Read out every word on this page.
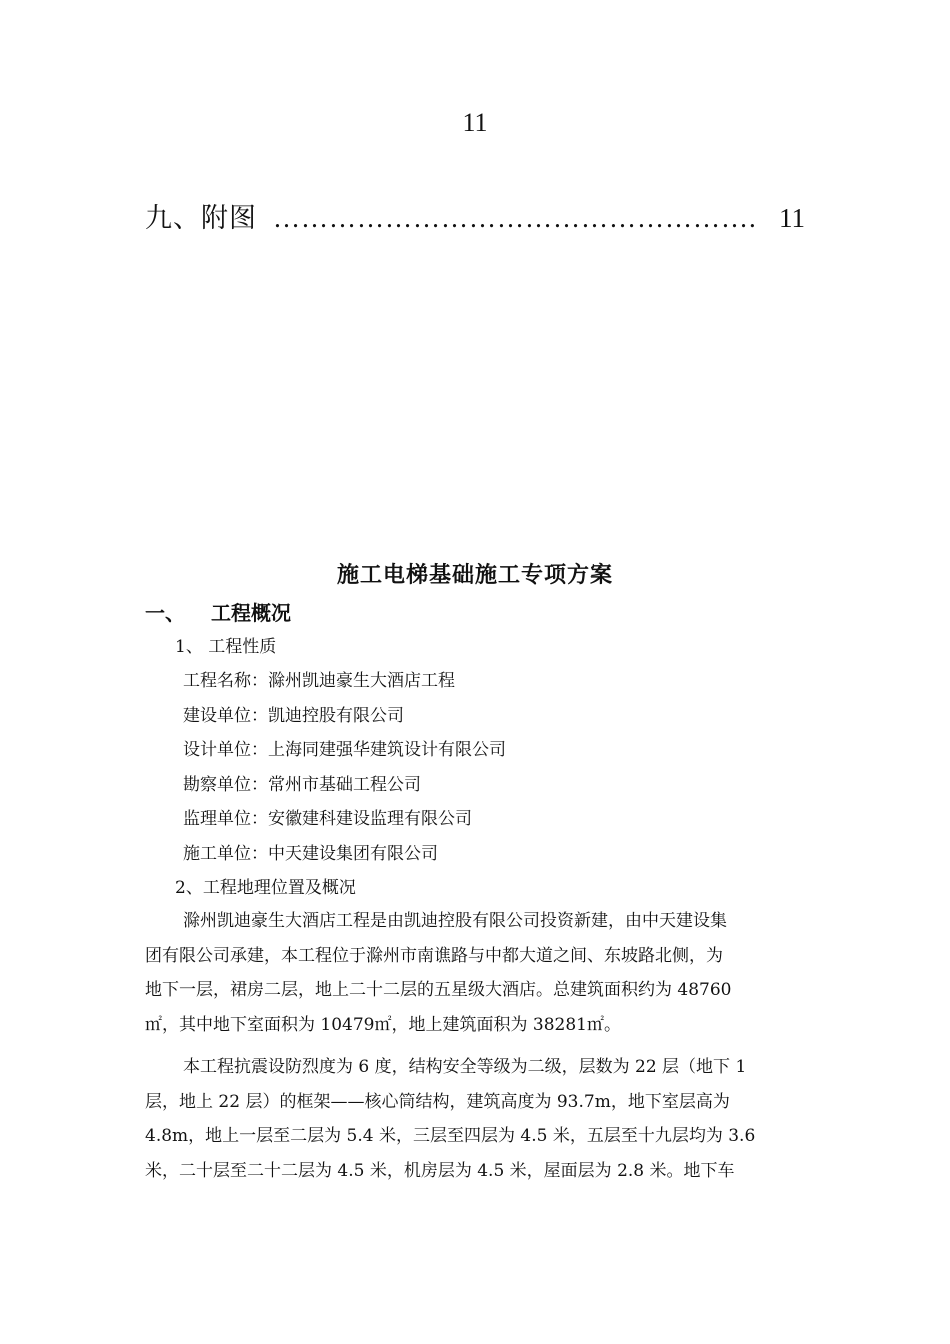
11
九、附图 ……………………………………………. 11
施工电梯基础施工专项方案
一、 工程概况
1、 工程性质
工程名称：滁州凯迪豪生大酒店工程
建设单位：凯迪控股有限公司
设计单位：上海同建强华建筑设计有限公司
勘察单位：常州市基础工程公司
监理单位：安徽建科建设监理有限公司
施工单位：中天建设集团有限公司
2、工程地理位置及概况
滁州凯迪豪生大酒店工程是由凯迪控股有限公司投资新建，由中天建设集
团有限公司承建，本工程位于滁州市南谯路与中都大道之间、东坡路北侧，为
地下一层，裙房二层，地上二十二层的五星级大酒店。总建筑面积约为 48760
㎡，其中地下室面积为 10479㎡，地上建筑面积为 38281㎡。
本工程抗震设防烈度为 6 度，结构安全等级为二级，层数为 22 层（地下 1
层，地上 22 层）的框架——核心筒结构，建筑高度为 93.7m，地下室层高为
4.8m，地上一层至二层为 5.4 米，三层至四层为 4.5 米，五层至十九层均为 3.6
米，二十层至二十二层为 4.5 米，机房层为 4.5 米，屋面层为 2.8 米。地下车
